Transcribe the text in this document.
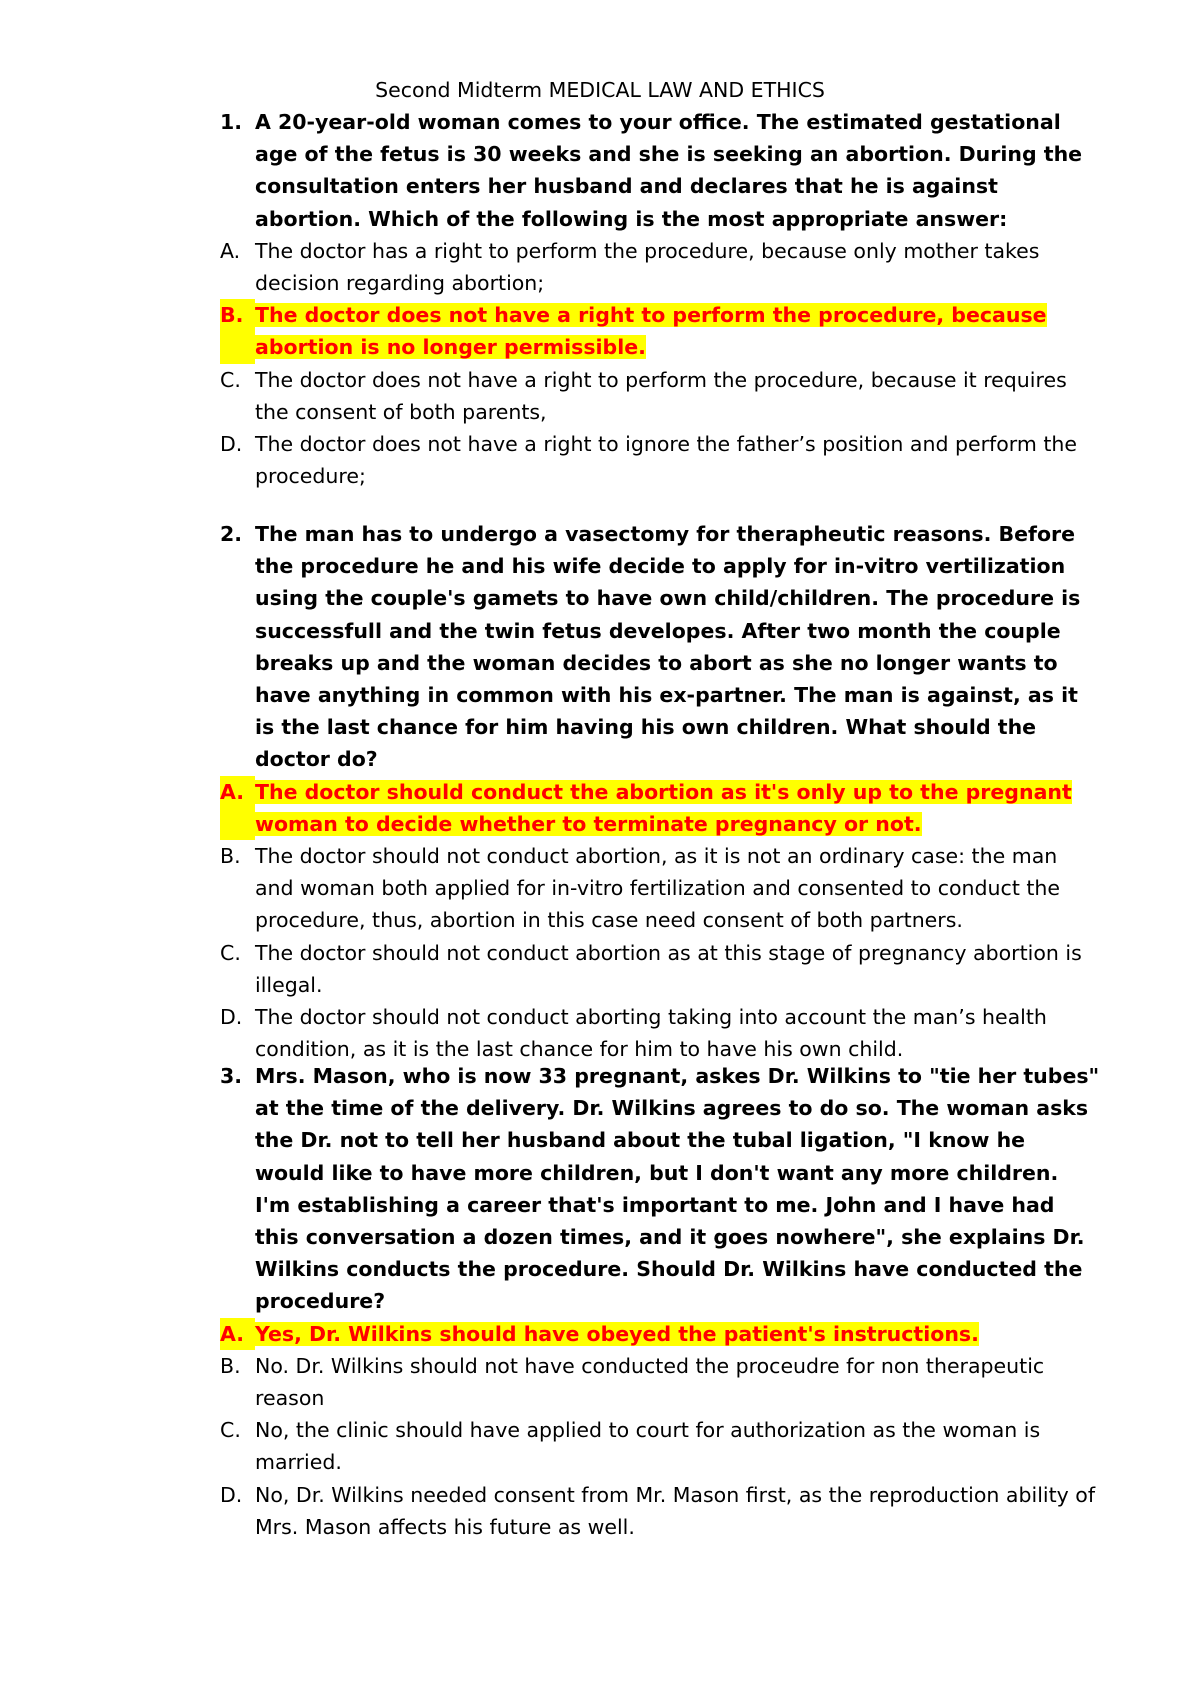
Second Midterm MEDICAL LAW AND ETHICS
1. A 20-year-old woman comes to your office. The estimated gestational age of the fetus is 30 weeks and she is seeking an abortion. During the consultation enters her husband and declares that he is against abortion. Which of the following is the most appropriate answer:
A. The doctor has a right to perform the procedure, because only mother takes decision regarding abortion;
B. The doctor does not have a right to perform the procedure, because abortion is no longer permissible.
C. The doctor does not have a right to perform the procedure, because it requires the consent of both parents,
D. The doctor does not have a right to ignore the father’s position and perform the procedure;
2. The man has to undergo a vasectomy for therapheutic reasons. Before the procedure he and his wife decide to apply for in-vitro vertilization using the couple's gamets to have own child/children. The procedure is successfull and the twin fetus developes. After two month the couple breaks up and the woman decides to abort as she no longer wants to have anything in common with his ex-partner. The man is against, as it is the last chance for him having his own children. What should the doctor do?
A. The doctor should conduct the abortion as it's only up to the pregnant woman to decide whether to terminate pregnancy or not.
B. The doctor should not conduct abortion, as it is not an ordinary case: the man and woman both applied for in-vitro fertilization and consented to conduct the procedure, thus, abortion in this case need consent of both partners.
C. The doctor should not conduct abortion as at this stage of pregnancy abortion is illegal.
D. The doctor should not conduct aborting taking into account the man’s health condition, as it is the last chance for him to have his own child.
3. Mrs. Mason, who is now 33 pregnant, askes Dr. Wilkins to "tie her tubes" at the time of the delivery. Dr. Wilkins agrees to do so. The woman asks the Dr. not to tell her husband about the tubal ligation, "I know he would like to have more children, but I don't want any more children. I'm establishing a career that's important to me. John and I have had this conversation a dozen times, and it goes nowhere", she explains Dr. Wilkins conducts the procedure. Should Dr. Wilkins have conducted the procedure?
A. Yes, Dr. Wilkins should have obeyed the patient's instructions.
B. No. Dr. Wilkins should not have conducted the proceudre for non therapeutic reason
C. No, the clinic should have applied to court for authorization as the woman is married.
D. No, Dr. Wilkins needed consent from Mr. Mason first, as the reproduction ability of Mrs. Mason affects his future as well.
